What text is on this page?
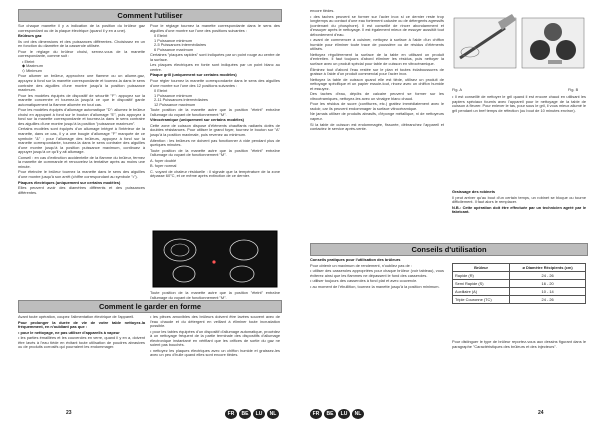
Comment l'utiliser

Sur chaque manette il y a indication de la position du brûleur gaz correspondant ou de la plaque électrique (quand il y en a une).

Brûleurs gaz

Ils ont des dimensions et des puissances différentes. Choisissez en un en fonction du diamètre de la casserole utilisée.

Pour le réglage du brûleur choisi, servez-vous de la manette correspondante, comme suit :

• Eteint

◆ Maximum

◇ Minimum

Pour allumer un brûleur, approchez une flamme ou un allume-gaz, appuyez à fond sur la manette correspondante et tournez-la dans le sens contraire des aiguilles d'une montre jusqu'à la position puissance maximum.

Pour les modèles équipés de dispositif de sécurité "F": appuyez sur la manette concernée et tournez-la jusqu'à ce que le dispositif garde automatiquement la flamme allumée en tout cas.

Pour les modèles équipés d'allumage automatique "D": allumez le brûleur choisi en appuyant à fond sur le bouton d'allumage "E", puis appuyez à fond sur la manette correspondante et tournez-la dans le sens contraire des aiguilles d'une montre jusqu'à la position "puissance maximum".

Certains modèles sont équipés d'un allumage intégré à l'intérieur de la manette, dans ce cas, il y a une bougie d'allumage "F" marquée de ce symbole "&" : pour l'allumage des brûleurs, appuyez à fond sur la manette correspondante, tournez-la dans le sens contraire des aiguilles d'une montre jusqu'à la position puissance maximum, continuez à appuyer jusqu'à ce qu'il y ait allumage.

Conseil : en cas d'extinction accidentelle de la flamme du brûleur, fermez la manette de commande et renouvelez la tentative après au moins une minute.

Pour éteindre le brûleur tournez la manette dans le sens des aiguilles d'une montre jusqu'à son arrêt (chiffre correspondant au symbole "•").

Plaques électriques (uniquement sur certains modèles)

Elles peuvent avoir des diamètres différents et des puissances différentes.

Pour le réglage tournez la manette correspondante dans le sens des aiguilles d'une montre sur l'une des positions suivantes :

0 Eteint

1 Puissance minimum

2-5 Puissances intermédiaires

6 Puissance maximum

Certaines "plaques rapides" sont indiquées par un point rouge au centre de la surface.

Les plaques électriques en fonte sont indiquées par un point blanc au centre.

Plaque grill (uniquement sur certains modèles)

Pour régler tournez la manette correspondante dans le sens des aiguilles d'une montre sur l'une des 12 positions suivantes :

0 Eteint

1 Puissance minimum

2-11 Puissances intermédiaires

12 Puissance maximum

Toute position de la manette autre que la position "éteint" entraîne l'allumage du voyant de fonctionnement "M".

Vitrocéramique (uniquement sur certains modèles)

Cette zone de cuisson dispose d'éléments chauffants radiants dotés de doubles résistances. Pour utiliser le grand foyer, tournez le bouton sur "A" jusqu'à la position maximale, puis revenez au minimum.

Attention : les brûleurs ne doivent pas fonctionner à vide pendant plus de quelques minutes.

Toute position de la manette autre que la position "éteint" entraîne l'allumage du voyant de fonctionnement "M".

A. foyer doublé

B. foyer normal

C. voyant de chaleur résiduelle : il signale que la température de la zone dépasse 60°C, et ce même après extinction de ce dernier.

Toute position de la manette autre que la position "éteint" entraîne l'allumage du voyant de fonctionnement "M".
Comment le garder en forme

Avant toute opération, coupez l'alimentation électrique de l'appareil.

Pour prolonger la durée de vie de votre table nettoyez-la fréquemment, en n'oubliant pas que :

• pour le nettoyage, ne pas utiliser d'appareils à vapeur

• les parties émaillées et les couvercles en verre, quand il y en a, doivent être lavés à l'eau tiède en évitant toute utilisation de poudres abrasives ou de produits corrosifs qui pourraient les endommager.

• les pièces amovibles des brûleurs doivent être lavées souvent avec de l'eau chaude et du détergent en veillant à éliminer toute incrustation possible.

• pour les tables équipées d'un dispositif d'allumage automatique, procédez à un nettoyage fréquent de la partie terminale des dispositifs d'allumage électronique instantané en vérifiant que les orifices de sortie du gaz ne soient pas bouchés.

• nettoyez les plaques électriques avec un chiffon humide et graissez-les avec un peu d'huile quand elles sont encore tièdes.

23	FR	BE	LU	NL

encore tièdes.

• des taches peuvent se former sur l'acier inox si ce dernier reste trop longtemps au contact d'une eau fortement calcaire ou de détergents agressifs (contenant du phosphore). Il est conseillé de rincer abondamment et d'essuyer après le nettoyage. Il est également mieux de essuyer aussitôt tout débordement d'eau.

• avant de commencer à cuisiner, nettoyez à surface à l'aide d'un chiffon humide pour éliminer toute trace de poussière ou de résidus d'éléments utilisés.

Nettoyez régulièrement la surface de la table en utilisant un produit d'entretien. Il faut toujours d'abord éliminer les résidus, puis nettoyer la surface avec un produit spécial pour table de cuisson en vitrocéramique.

Éliminez tout d'abord l'eau restée sur le plan et toutes éclaboussures de graisse à l'aide d'un produit commercial pour l'acier inox.

Nettoyez la table de cuisson quand elle est tiède, utilisez un produit de nettoyage spécifique et un papier essuie-tout, rincez avec un chiffon humide et essuyez.

Des taches d'eau, dépôts de calcaire peuvent se former sur les vitrocéramiques, nettoyez-les avec un vinaigre blanc chaud.

Pour les résidus de sucre (confitures, etc.) grattez immédiatement avec le racloir, car ils peuvent endommager la surface vitrocéramique.

Ne jamais utiliser de produits abrasifs, d'éponge métallique, ni de nettoyeurs vapeur.

Si la table de cuisson est endommagée, fissurée, débranchez l'appareil et contactez le service après-vente.

Fig. A	Fig. B
• Il est conseillé de nettoyer le gril quand il est encore chaud en utilisant les papiers spéciaux fournis avec l'appareil pour le nettoyage de la table de cuisson à fleurer. Pour enlever le tas, pour sous le gril, il vous mieux allumé le gril pendant un bref temps de réfection (ou bout de 10 minutes environ).

Graissage des robinets

Il peut arriver qu'au bout d'un certain temps, un robinet se bloque ou tourne difficilement. Il faut alors le remplacer.

N.B.: Cette opération doit être effectuée par un technicien agréé par le fabricant.

Conseils d'utilisation

Conseils pratiques pour l'utilisation des brûleurs

Pour obtenir un maximum de rendement, n'oubliez pas de :

• utiliser des casseroles appropriées pour chaque brûleur (voir tableau), vous éviterez ainsi que les flammes ne dépassent le fond des casseroles.

• utiliser toujours des casseroles à fond plat et avec couvercle.

• au moment de l'ébullition, tournez la manette jusqu'à la position minimum.

Brûleur	ø Diamètre Récipients (cm)
Rapide (R)	24 - 26
Semi Rapide (S)	16 - 20
Auxiliaire (A)	10 - 14
Triple Couronne (TC)	24 - 26
Pour distinguer le type de brûleur reportez-vous aux dessins figurant dans le paragraphe "Caractéristiques des brûleurs et des injecteurs".
FR	BE	LU	NL	24
